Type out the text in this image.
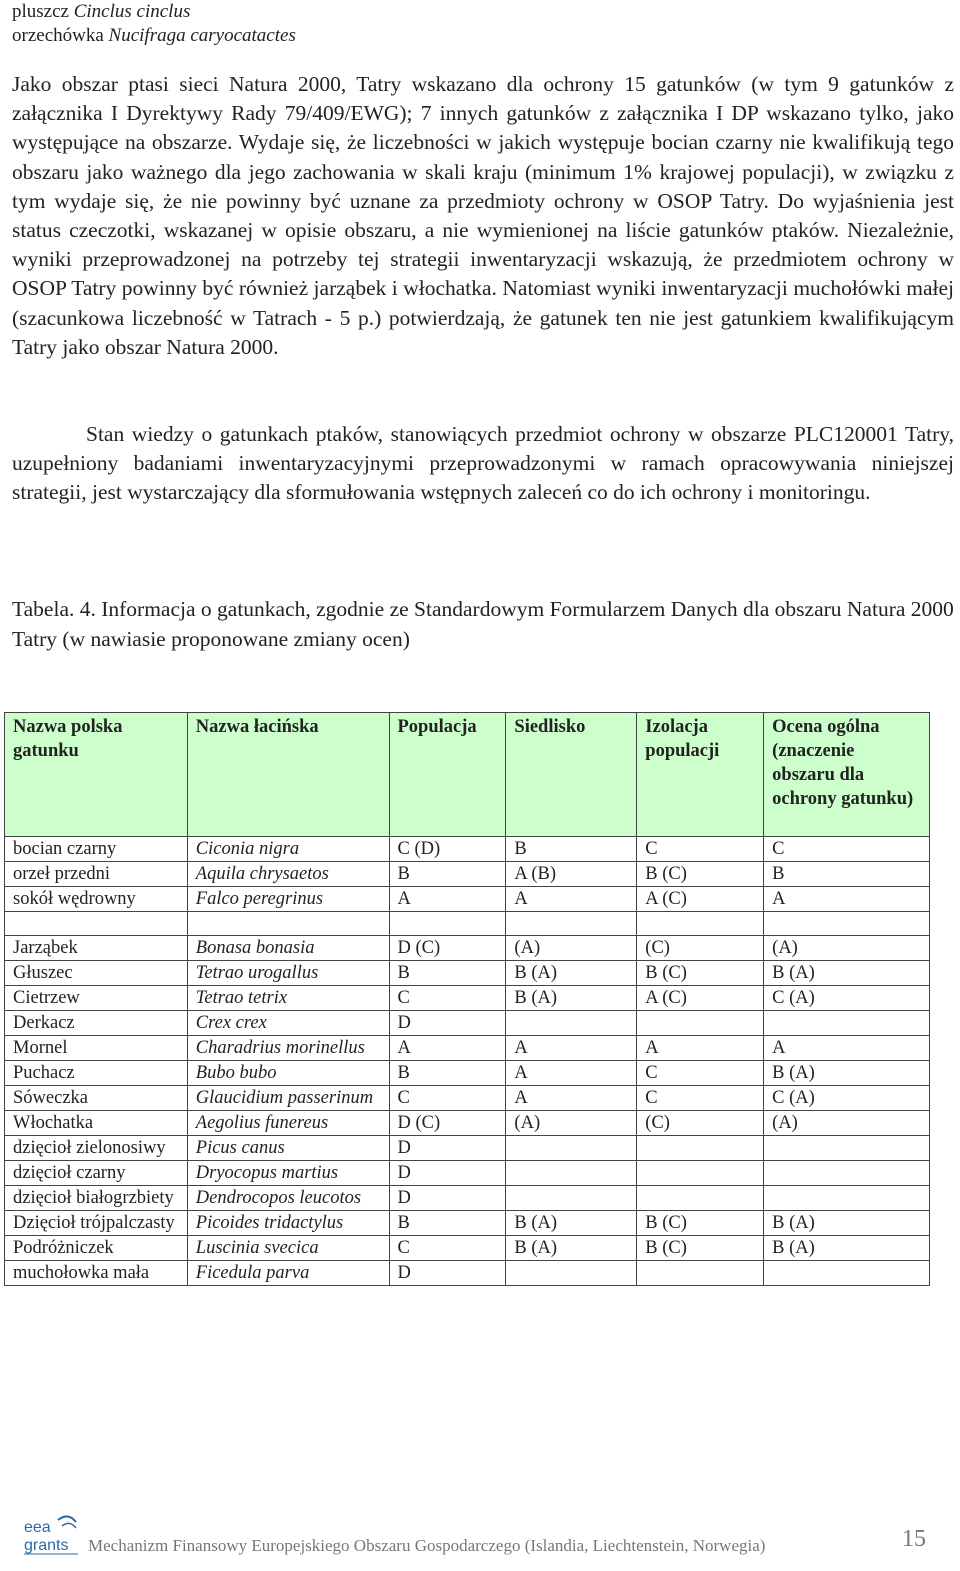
pluszcz Cinclus cinclus
orzechówka Nucifraga caryocatactes

Jako obszar ptasi sieci Natura 2000, Tatry wskazano dla ochrony 15 gatunków (w tym 9 gatunków z załącznika I Dyrektywy Rady 79/409/EWG); 7 innych gatunków z załącznika I DP wskazano tylko, jako występujące na obszarze. Wydaje się, że liczebności w jakich występuje bocian czarny nie kwalifikują tego obszaru jako ważnego dla jego zachowania w skali kraju (minimum 1% krajowej populacji), w związku z tym wydaje się, że nie powinny być uznane za przedmioty ochrony w OSOP Tatry. Do wyjaśnienia jest status czeczotki, wskazanej w opisie obszaru, a nie wymienionej na liście gatunków ptaków. Niezależnie, wyniki przeprowadzonej na potrzeby tej strategii inwentaryzacji wskazują, że przedmiotem ochrony w OSOP Tatry powinny być również jarząbek i włochatka. Natomiast wyniki inwentaryzacji muchołówki małej (szacunkowa liczebność w Tatrach - 5 p.) potwierdzają, że gatunek ten nie jest gatunkiem kwalifikującym Tatry jako obszar Natura 2000.

Stan wiedzy o gatunkach ptaków, stanowiących przedmiot ochrony w obszarze PLC120001 Tatry, uzupełniony badaniami inwentaryzacyjnymi przeprowadzonymi w ramach opracowywania niniejszej strategii, jest wystarczający dla sformułowania wstępnych zaleceń co do ich ochrony i monitoringu.

Tabela. 4. Informacja o gatunkach, zgodnie ze Standardowym Formularzem Danych dla obszaru Natura 2000 Tatry (w nawiasie proponowane zmiany ocen)
Nazwa polska gatunku	Nazwa łacińska	Populacja	Siedlisko	Izolacja populacji	Ocena ogólna (znaczenie obszaru dla ochrony gatunku)
bocian czarny	Ciconia nigra	C (D)	B	C	C
orzeł przedni	Aquila chrysaetos	B	A (B)	B (C)	B
sokół wędrowny	Falco peregrinus	A	A	A (C)	A

Jarząbek	Bonasa bonasia	D (C)	(A)	(C)	(A)
Głuszec	Tetrao urogallus	B	B (A)	B (C)	B (A)
Cietrzew	Tetrao tetrix	C	B (A)	A (C)	C (A)
Derkacz	Crex crex	D			
Mornel	Charadrius morinellus	A	A	A	A
Puchacz	Bubo bubo	B	A	C	B (A)
Sóweczka	Glaucidium passerinum	C	A	C	C (A)
Włochatka	Aegolius funereus	D (C)	(A)	(C)	(A)
dzięcioł zielonosiwy	Picus canus	D			
dzięcioł czarny	Dryocopus martius	D			
dzięcioł białogrzbiety	Dendrocopos leucotos	D			
Dzięcioł trójpalczasty	Picoides tridactylus	B	B (A)	B (C)	B (A)
Podróżniczek	Luscinia svecica	C	B (A)	B (C)	B (A)
muchołowka mała	Ficedula parva	D			
eea
grants Mechanizm Finansowy Europejskiego Obszaru Gospodarczego (Islandia, Liechtenstein, Norwegia)	15
